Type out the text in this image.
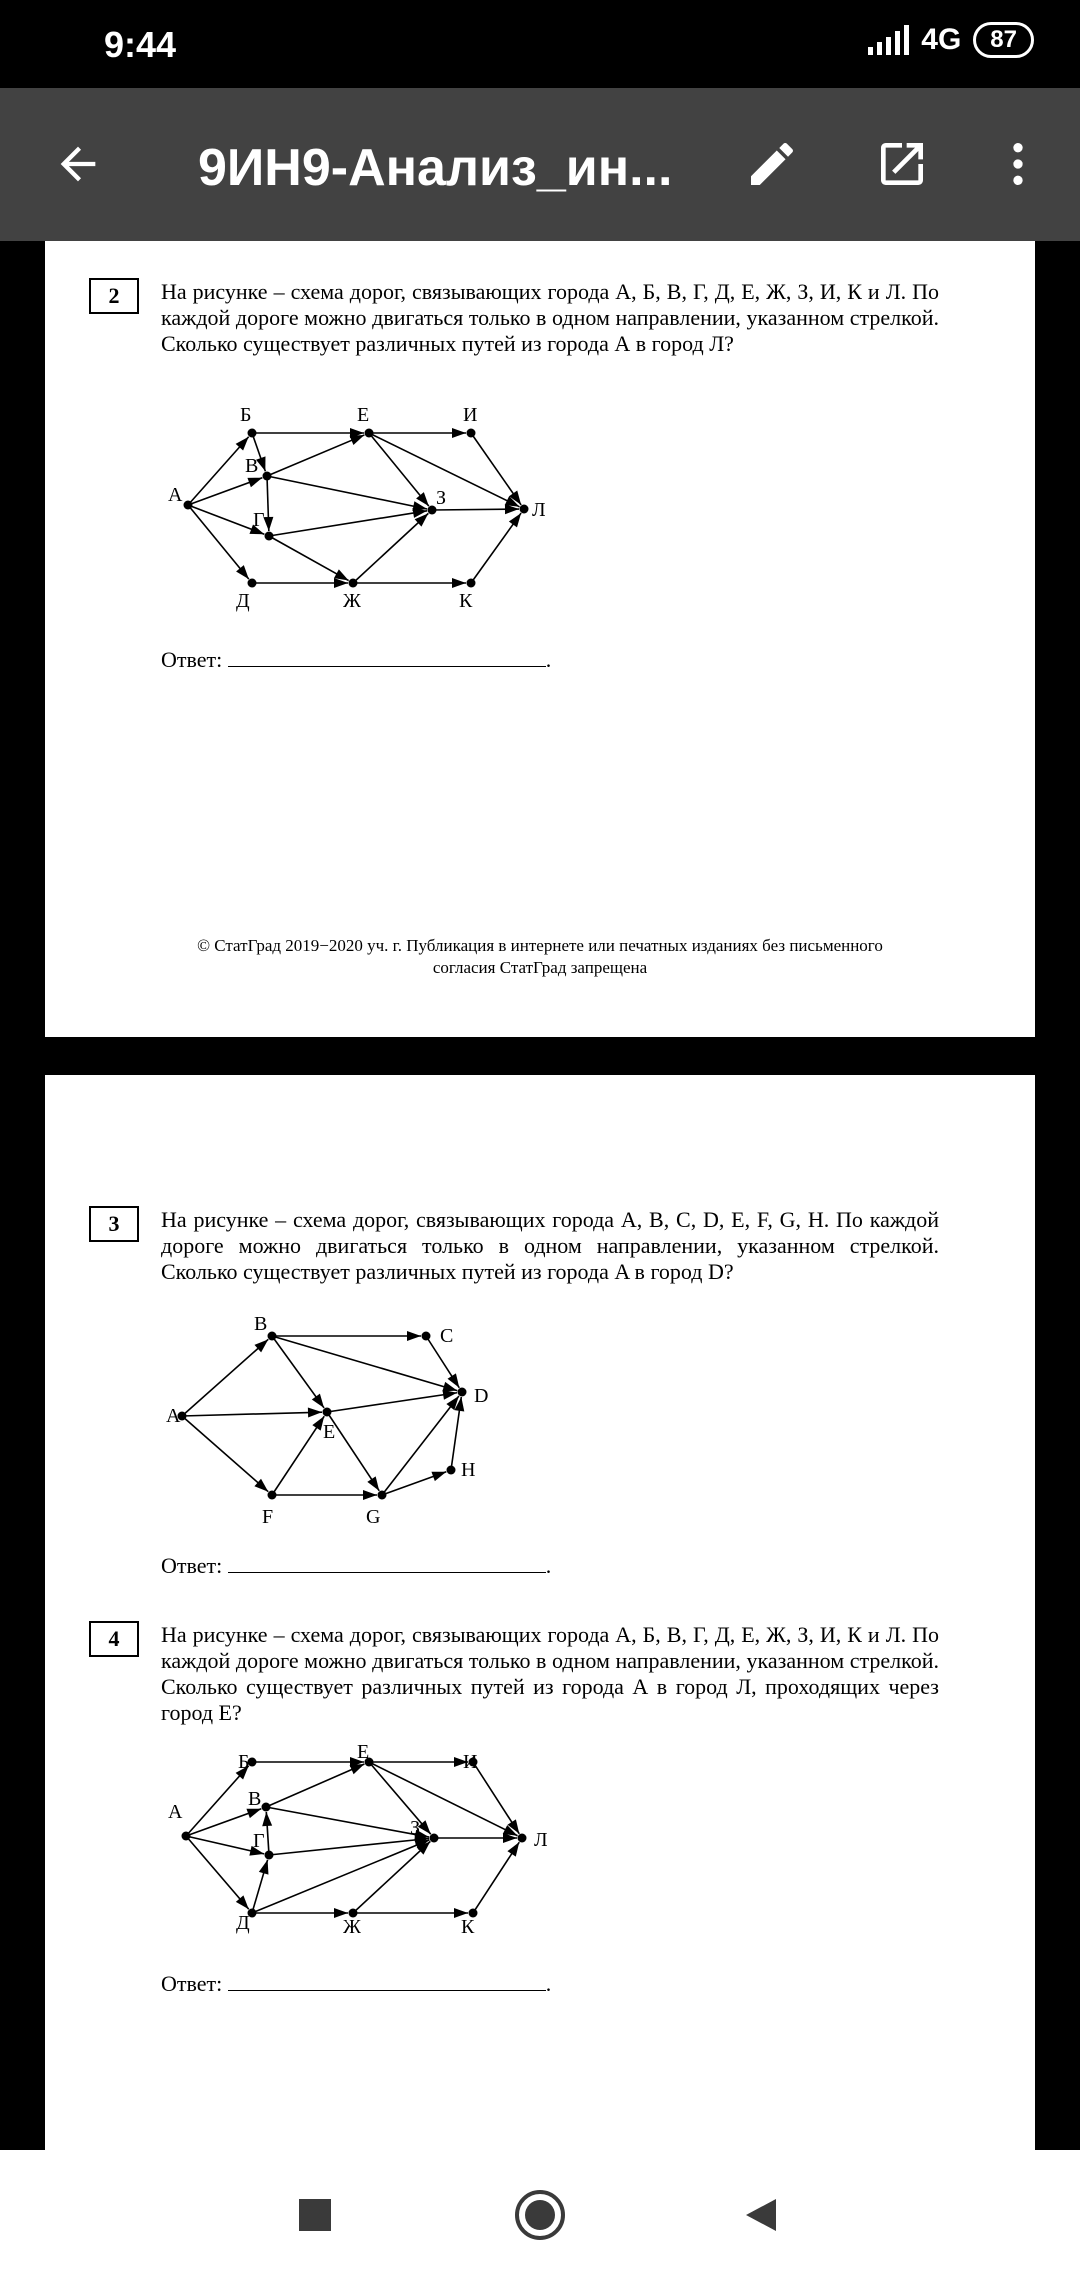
9:44	4G	87
9ИН9-Анализ_ин...
2	На рисунке – схема дорог, связывающих города А, Б, В, Г, Д, Е, Ж, З, И, К и Л. По каждой дороге можно двигаться только в одном направлении, указанном стрелкой. Сколько существует различных путей из города А в город Л?
А
Б
В
Г
Д
Е
Ж
З
И
К
Л
Ответ:	.
© СтатГрад 2019−2020 уч. г. Публикация в интернете или печатных изданиях без письменного
согласия СтатГрад запрещена
3	На рисунке – схема дорог, связывающих города A, B, C, D, E, F, G, H. По каждой дороге можно двигаться только в одном направлении, указанном стрелкой. Сколько существует различных путей из города A в город D?
Ответ:	.
4	На рисунке – схема дорог, связывающих города А, Б, В, Г, Д, Е, Ж, З, И, К и Л. По каждой дороге можно двигаться только в одном направлении, указанном стрелкой. Сколько существует различных путей из города А в город Л, проходящих через город Е?
Ответ:	.
A
B
C
D
E
F	G
H
А
Б
В
Г
Д
Е
Ж
З
И
К
Л
